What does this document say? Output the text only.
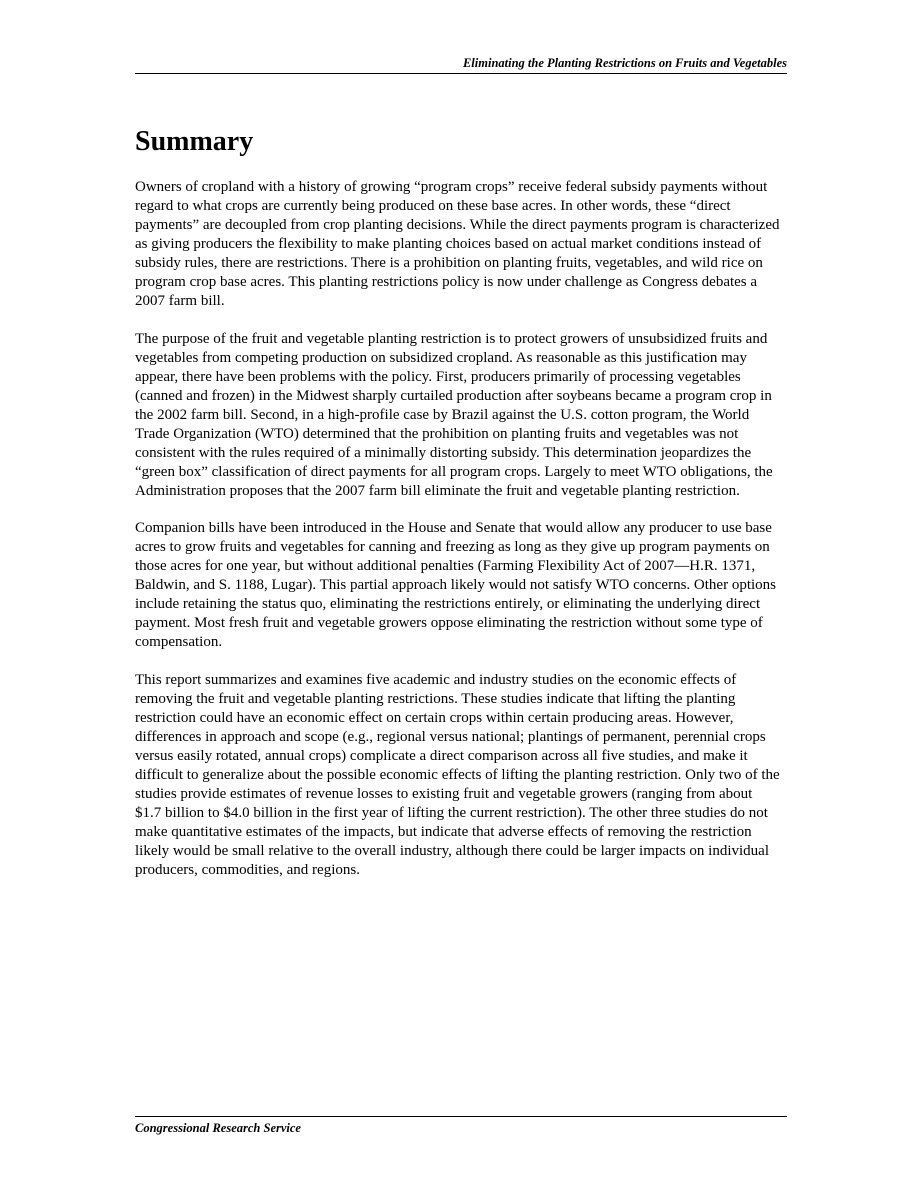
Eliminating the Planting Restrictions on Fruits and Vegetables
Summary

Owners of cropland with a history of growing “program crops” receive federal subsidy payments without regard to what crops are currently being produced on these base acres. In other words, these “direct payments” are decoupled from crop planting decisions. While the direct payments program is characterized as giving producers the flexibility to make planting choices based on actual market conditions instead of subsidy rules, there are restrictions. There is a prohibition on planting fruits, vegetables, and wild rice on program crop base acres. This planting restrictions policy is now under challenge as Congress debates a 2007 farm bill.

The purpose of the fruit and vegetable planting restriction is to protect growers of unsubsidized fruits and vegetables from competing production on subsidized cropland. As reasonable as this justification may appear, there have been problems with the policy. First, producers primarily of processing vegetables (canned and frozen) in the Midwest sharply curtailed production after soybeans became a program crop in the 2002 farm bill. Second, in a high-profile case by Brazil against the U.S. cotton program, the World Trade Organization (WTO) determined that the prohibition on planting fruits and vegetables was not consistent with the rules required of a minimally distorting subsidy. This determination jeopardizes the “green box” classification of direct payments for all program crops. Largely to meet WTO obligations, the Administration proposes that the 2007 farm bill eliminate the fruit and vegetable planting restriction.

Companion bills have been introduced in the House and Senate that would allow any producer to use base acres to grow fruits and vegetables for canning and freezing as long as they give up program payments on those acres for one year, but without additional penalties (Farming Flexibility Act of 2007—H.R. 1371, Baldwin, and S. 1188, Lugar). This partial approach likely would not satisfy WTO concerns. Other options include retaining the status quo, eliminating the restrictions entirely, or eliminating the underlying direct payment. Most fresh fruit and vegetable growers oppose eliminating the restriction without some type of compensation.

This report summarizes and examines five academic and industry studies on the economic effects of removing the fruit and vegetable planting restrictions. These studies indicate that lifting the planting restriction could have an economic effect on certain crops within certain producing areas. However, differences in approach and scope (e.g., regional versus national; plantings of permanent, perennial crops versus easily rotated, annual crops) complicate a direct comparison across all five studies, and make it difficult to generalize about the possible economic effects of lifting the planting restriction. Only two of the studies provide estimates of revenue losses to existing fruit and vegetable growers (ranging from about $1.7 billion to $4.0 billion in the first year of lifting the current restriction). The other three studies do not make quantitative estimates of the impacts, but indicate that adverse effects of removing the restriction likely would be small relative to the overall industry, although there could be larger impacts on individual producers, commodities, and regions.

Congressional Research Service
